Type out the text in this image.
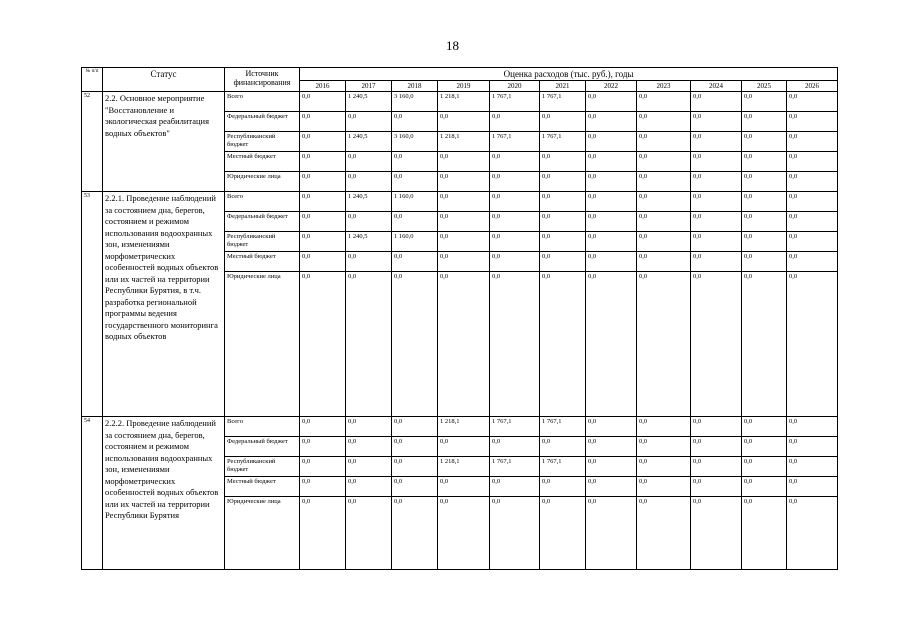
18
№ п/п	Статус	Источник финансирования	Оценка расходов (тыс. руб.), годы										
			2016	2017	2018	2019	2020	2021	2022	2023	2024	2025	2026
52	2.2. Основное мероприятие "Восстановление и экологическая реабилитация водных объектов"	Всего	0,0	1 240,5	3 160,0	1 218,1	1 767,1	1 767,1	0,0	0,0	0,0	0,0	0,0
		Федеральный бюджет	0,0	0,0	0,0	0,0	0,0	0,0	0,0	0,0	0,0	0,0	0,0
		Республиканский бюджет	0,0	1 240,5	3 160,0	1 218,1	1 767,1	1 767,1	0,0	0,0	0,0	0,0	0,0
		Местный бюджет	0,0	0,0	0,0	0,0	0,0	0,0	0,0	0,0	0,0	0,0	0,0
		Юридические лица	0,0	0,0	0,0	0,0	0,0	0,0	0,0	0,0	0,0	0,0	0,0
53	2.2.1. Проведение наблюдений за состоянием дна, берегов, состоянием и режимом использования водоохранных зон, изменениями морфометрических особенностей водных объектов или их частей на территории Республики Бурятия, в т.ч. разработка региональной программы ведения государственного мониторинга водных объектов	Всего	0,0	1 240,5	1 160,0	0,0	0,0	0,0	0,0	0,0	0,0	0,0	0,0
		Федеральный бюджет	0,0	0,0	0,0	0,0	0,0	0,0	0,0	0,0	0,0	0,0	0,0
		Республиканский бюджет	0,0	1 240,5	1 160,0	0,0	0,0	0,0	0,0	0,0	0,0	0,0	0,0
		Местный бюджет	0,0	0,0	0,0	0,0	0,0	0,0	0,0	0,0	0,0	0,0	0,0
		Юридические лица	0,0	0,0	0,0	0,0	0,0	0,0	0,0	0,0	0,0	0,0	0,0
54	2.2.2. Проведение наблюдений за состоянием дна, берегов, состоянием и режимом использования водоохранных зон, изменениями морфометрических особенностей водных объектов или их частей на территории Республики Бурятия	Всего	0,0	0,0	0,0	1 218,1	1 767,1	1 767,1	0,0	0,0	0,0	0,0	0,0
		Федеральный бюджет	0,0	0,0	0,0	0,0	0,0	0,0	0,0	0,0	0,0	0,0	0,0
		Республиканский бюджет	0,0	0,0	0,0	1 218,1	1 767,1	1 767,1	0,0	0,0	0,0	0,0	0,0
		Местный бюджет	0,0	0,0	0,0	0,0	0,0	0,0	0,0	0,0	0,0	0,0	0,0
		Юридические лица	0,0	0,0	0,0	0,0	0,0	0,0	0,0	0,0	0,0	0,0	0,0
